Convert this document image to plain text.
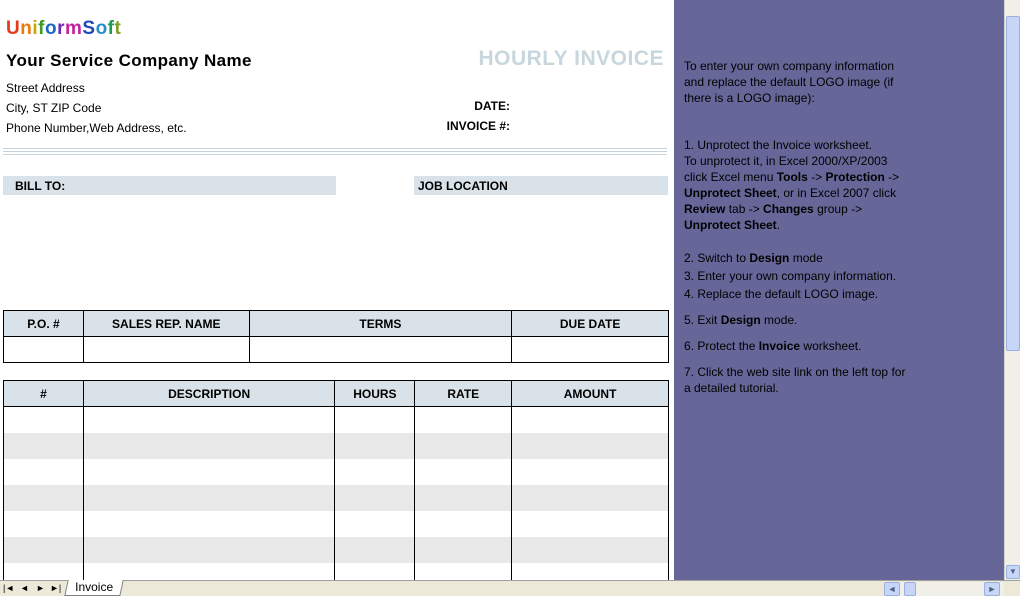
UniformSoft
Your Service Company Name
Street Address
City, ST ZIP Code
Phone Number,Web Address, etc.
HOURLY INVOICE
DATE:
INVOICE #:
BILL TO:	JOB LOCATION
P.O. #	SALES REP. NAME	TERMS	DUE DATE

#	DESCRIPTION	HOURS	RATE	AMOUNT

To enter your own company information and replace the default LOGO image (if there is a LOGO image):

1. Unprotect the Invoice worksheet.

To unprotect it, in Excel 2000/XP/2003 click Excel menu Tools -> Protection -> Unprotect Sheet, or in Excel 2007 click Review tab -> Changes group -> Unprotect Sheet.

2. Switch to Design mode

3. Enter your own company information.

4. Replace the default LOGO image.

5. Exit Design mode.

6. Protect the Invoice worksheet.

7. Click the web site link on the left top for a detailed tutorial.

▼
|◄ ◄ ► ►|	Invoice	◄	►
